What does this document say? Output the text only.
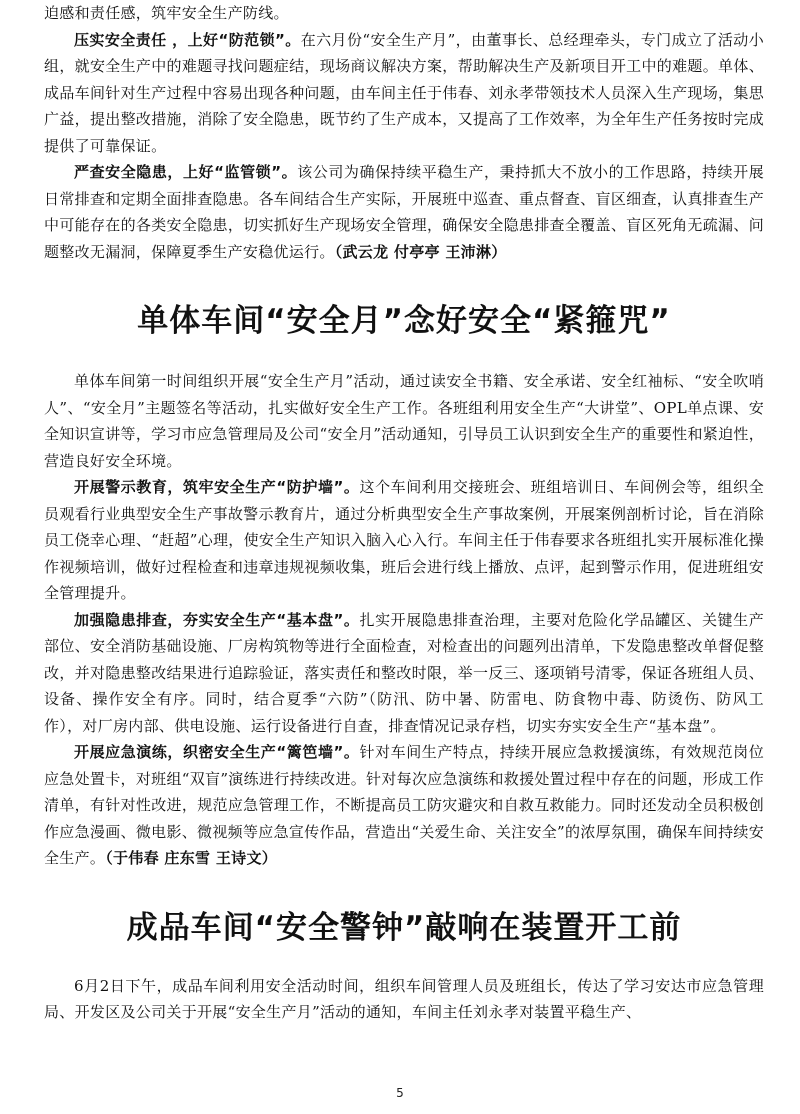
迫感和责任感，筑牢安全生产防线。

压实安全责任 ，上好“防范锁”。在六月份“安全生产月”，由董事长、总经理牵头，专门成立了活动小组，就安全生产中的难题寻找问题症结，现场商议解决方案，帮助解决生产及新项目开工中的难题。单体、成品车间针对生产过程中容易出现各种问题，由车间主任于伟春、刘永孝带领技术人员深入生产现场，集思广益，提出整改措施，消除了安全隐患，既节约了生产成本，又提高了工作效率，为全年生产任务按时完成提供了可靠保证。

严查安全隐患，上好“监管锁”。该公司为确保持续平稳生产，秉持抓大不放小的工作思路，持续开展日常排查和定期全面排查隐患。各车间结合生产实际，开展班中巡查、重点督查、盲区细查，认真排查生产中可能存在的各类安全隐患，切实抓好生产现场安全管理，确保安全隐患排查全覆盖、盲区死角无疏漏、问题整改无漏洞，保障夏季生产安稳优运行。（武云龙 付亭亭 王沛淋）

单体车间“安全月”念好安全“紧箍咒”

单体车间第一时间组织开展“安全生产月”活动，通过读安全书籍、安全承诺、安全红袖标、“安全吹哨人”、“安全月”主题签名等活动，扎实做好安全生产工作。各班组利用安全生产“大讲堂”、OPL单点课、安全知识宣讲等，学习市应急管理局及公司“安全月”活动通知，引导员工认识到安全生产的重要性和紧迫性，营造良好安全环境。

开展警示教育，筑牢安全生产“防护墙”。这个车间利用交接班会、班组培训日、车间例会等，组织全员观看行业典型安全生产事故警示教育片，通过分析典型安全生产事故案例，开展案例剖析讨论，旨在消除员工侥幸心理、“赶超”心理，使安全生产知识入脑入心入行。车间主任于伟春要求各班组扎实开展标准化操作视频培训，做好过程检查和违章违规视频收集，班后会进行线上播放、点评，起到警示作用，促进班组安全管理提升。

加强隐患排查，夯实安全生产“基本盘”。扎实开展隐患排查治理，主要对危险化学品罐区、关键生产部位、安全消防基础设施、厂房构筑物等进行全面检查，对检查出的问题列出清单，下发隐患整改单督促整改，并对隐患整改结果进行追踪验证，落实责任和整改时限，举一反三、逐项销号清零，保证各班组人员、设备、操作安全有序。同时，结合夏季“六防”（防汛、防中暑、防雷电、防食物中毒、防烫伤、防风工作），对厂房内部、供电设施、运行设备进行自查，排查情况记录存档，切实夯实安全生产“基本盘”。

开展应急演练，织密安全生产“篱笆墙”。针对车间生产特点，持续开展应急救援演练，有效规范岗位应急处置卡，对班组“双盲”演练进行持续改进。针对每次应急演练和救援处置过程中存在的问题，形成工作清单，有针对性改进，规范应急管理工作，不断提高员工防灾避灾和自救互救能力。同时还发动全员积极创作应急漫画、微电影、微视频等应急宣传作品，营造出“关爱生命、关注安全”的浓厚氛围，确保车间持续安全生产。（于伟春 庄东雪 王诗文）

成品车间“安全警钟”敲响在装置开工前

6月2日下午，成品车间利用安全活动时间，组织车间管理人员及班组长，传达了学习安达市应急管理局、开发区及公司关于开展“安全生产月”活动的通知，车间主任刘永孝对装置平稳生产、

5
